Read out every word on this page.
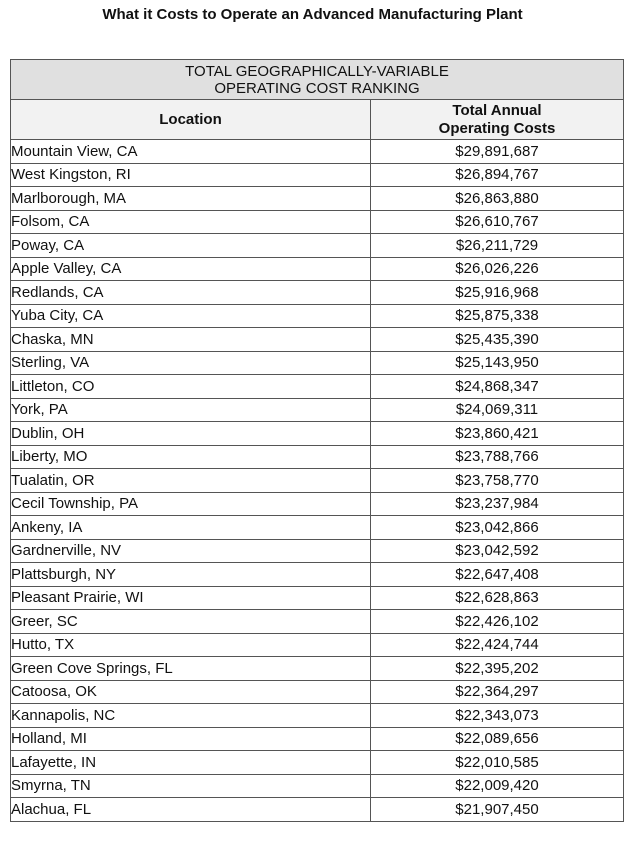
What it Costs to Operate an Advanced Manufacturing Plant
TOTAL GEOGRAPHICALLY-VARIABLE
OPERATING COST RANKING	

Location	Total Annual
Operating Costs

Mountain View, CA	$29,891,687
West Kingston, RI	$26,894,767
Marlborough, MA	$26,863,880
Folsom, CA	$26,610,767
Poway, CA	$26,211,729
Apple Valley, CA	$26,026,226
Redlands, CA	$25,916,968
Yuba City, CA	$25,875,338
Chaska, MN	$25,435,390
Sterling, VA	$25,143,950
Littleton, CO	$24,868,347
York, PA	$24,069,311
Dublin, OH	$23,860,421
Liberty, MO	$23,788,766
Tualatin, OR	$23,758,770
Cecil Township, PA	$23,237,984
Ankeny, IA	$23,042,866
Gardnerville, NV	$23,042,592
Plattsburgh, NY	$22,647,408
Pleasant Prairie, WI	$22,628,863
Greer, SC	$22,426,102
Hutto, TX	$22,424,744
Green Cove Springs, FL	$22,395,202
Catoosa, OK	$22,364,297
Kannapolis, NC	$22,343,073
Holland, MI	$22,089,656
Lafayette, IN	$22,010,585
Smyrna, TN	$22,009,420
Alachua, FL	$21,907,450
